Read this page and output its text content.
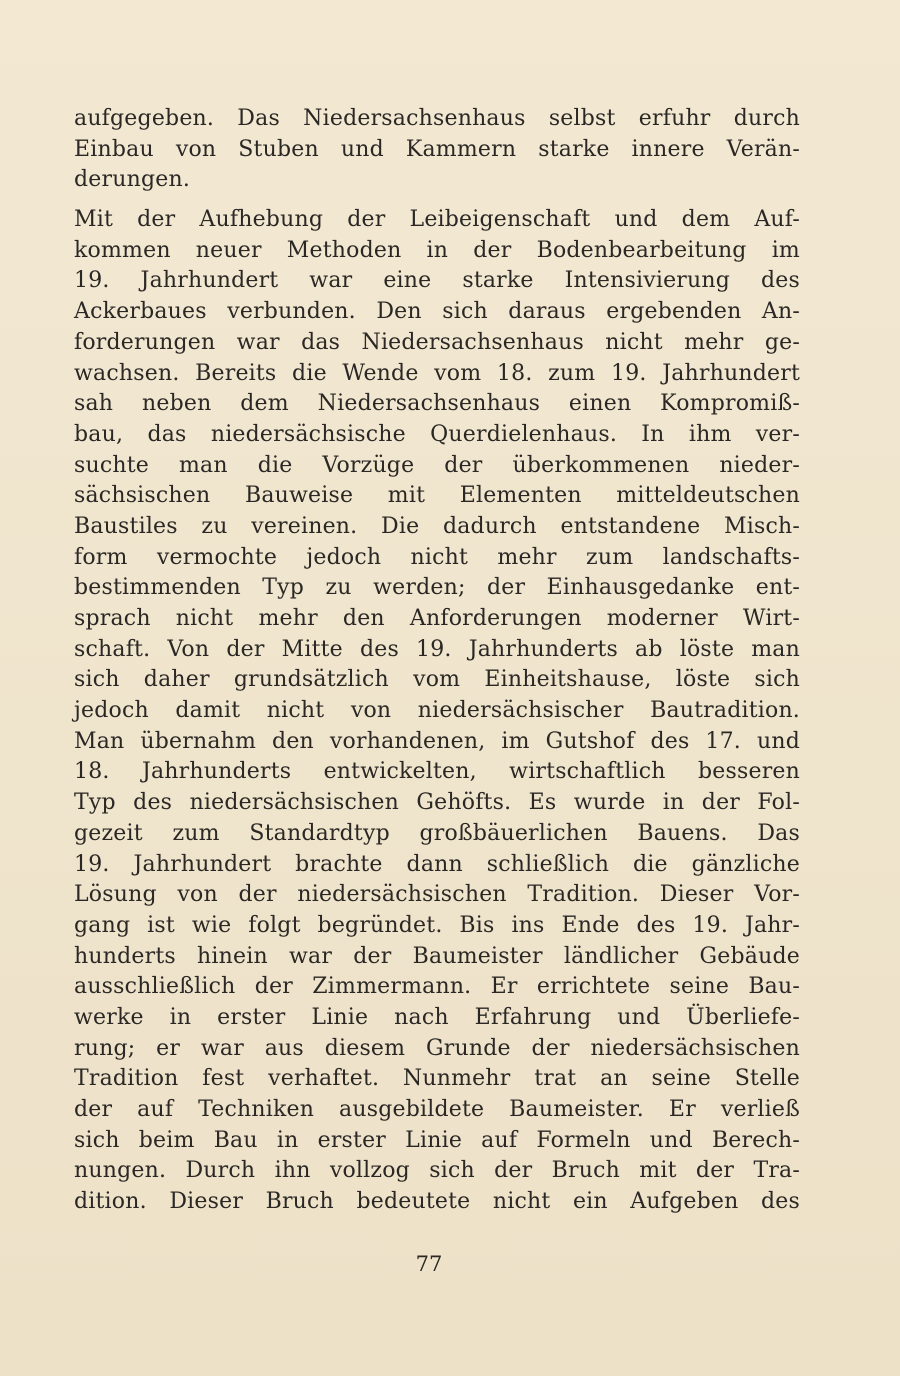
aufgegeben. Das Niedersachsenhaus selbst erfuhr durch
Einbau von Stuben und Kammern starke innere Verän-
derungen.

Mit der Aufhebung der Leibeigenschaft und dem Auf-
kommen neuer Methoden in der Bodenbearbeitung im
19. Jahrhundert war eine starke Intensivierung des
Ackerbaues verbunden. Den sich daraus ergebenden An-
forderungen war das Niedersachsenhaus nicht mehr ge-
wachsen. Bereits die Wende vom 18. zum 19. Jahrhundert
sah neben dem Niedersachsenhaus einen Kompromiß-
bau, das niedersächsische Querdielenhaus. In ihm ver-
suchte man die Vorzüge der überkommenen nieder-
sächsischen Bauweise mit Elementen mitteldeutschen
Baustiles zu vereinen. Die dadurch entstandene Misch-
form vermochte jedoch nicht mehr zum landschafts-
bestimmenden Typ zu werden; der Einhausgedanke ent-
sprach nicht mehr den Anforderungen moderner Wirt-
schaft. Von der Mitte des 19. Jahrhunderts ab löste man
sich daher grundsätzlich vom Einheitshause, löste sich
jedoch damit nicht von niedersächsischer Bautradition.
Man übernahm den vorhandenen, im Gutshof des 17. und
18. Jahrhunderts entwickelten, wirtschaftlich besseren
Typ des niedersächsischen Gehöfts. Es wurde in der Fol-
gezeit zum Standardtyp großbäuerlichen Bauens. Das
19. Jahrhundert brachte dann schließlich die gänzliche
Lösung von der niedersächsischen Tradition. Dieser Vor-
gang ist wie folgt begründet. Bis ins Ende des 19. Jahr-
hunderts hinein war der Baumeister ländlicher Gebäude
ausschließlich der Zimmermann. Er errichtete seine Bau-
werke in erster Linie nach Erfahrung und Überliefe-
rung; er war aus diesem Grunde der niedersächsischen
Tradition fest verhaftet. Nunmehr trat an seine Stelle
der auf Techniken ausgebildete Baumeister. Er verließ
sich beim Bau in erster Linie auf Formeln und Berech-
nungen. Durch ihn vollzog sich der Bruch mit der Tra-
dition. Dieser Bruch bedeutete nicht ein Aufgeben des

77
